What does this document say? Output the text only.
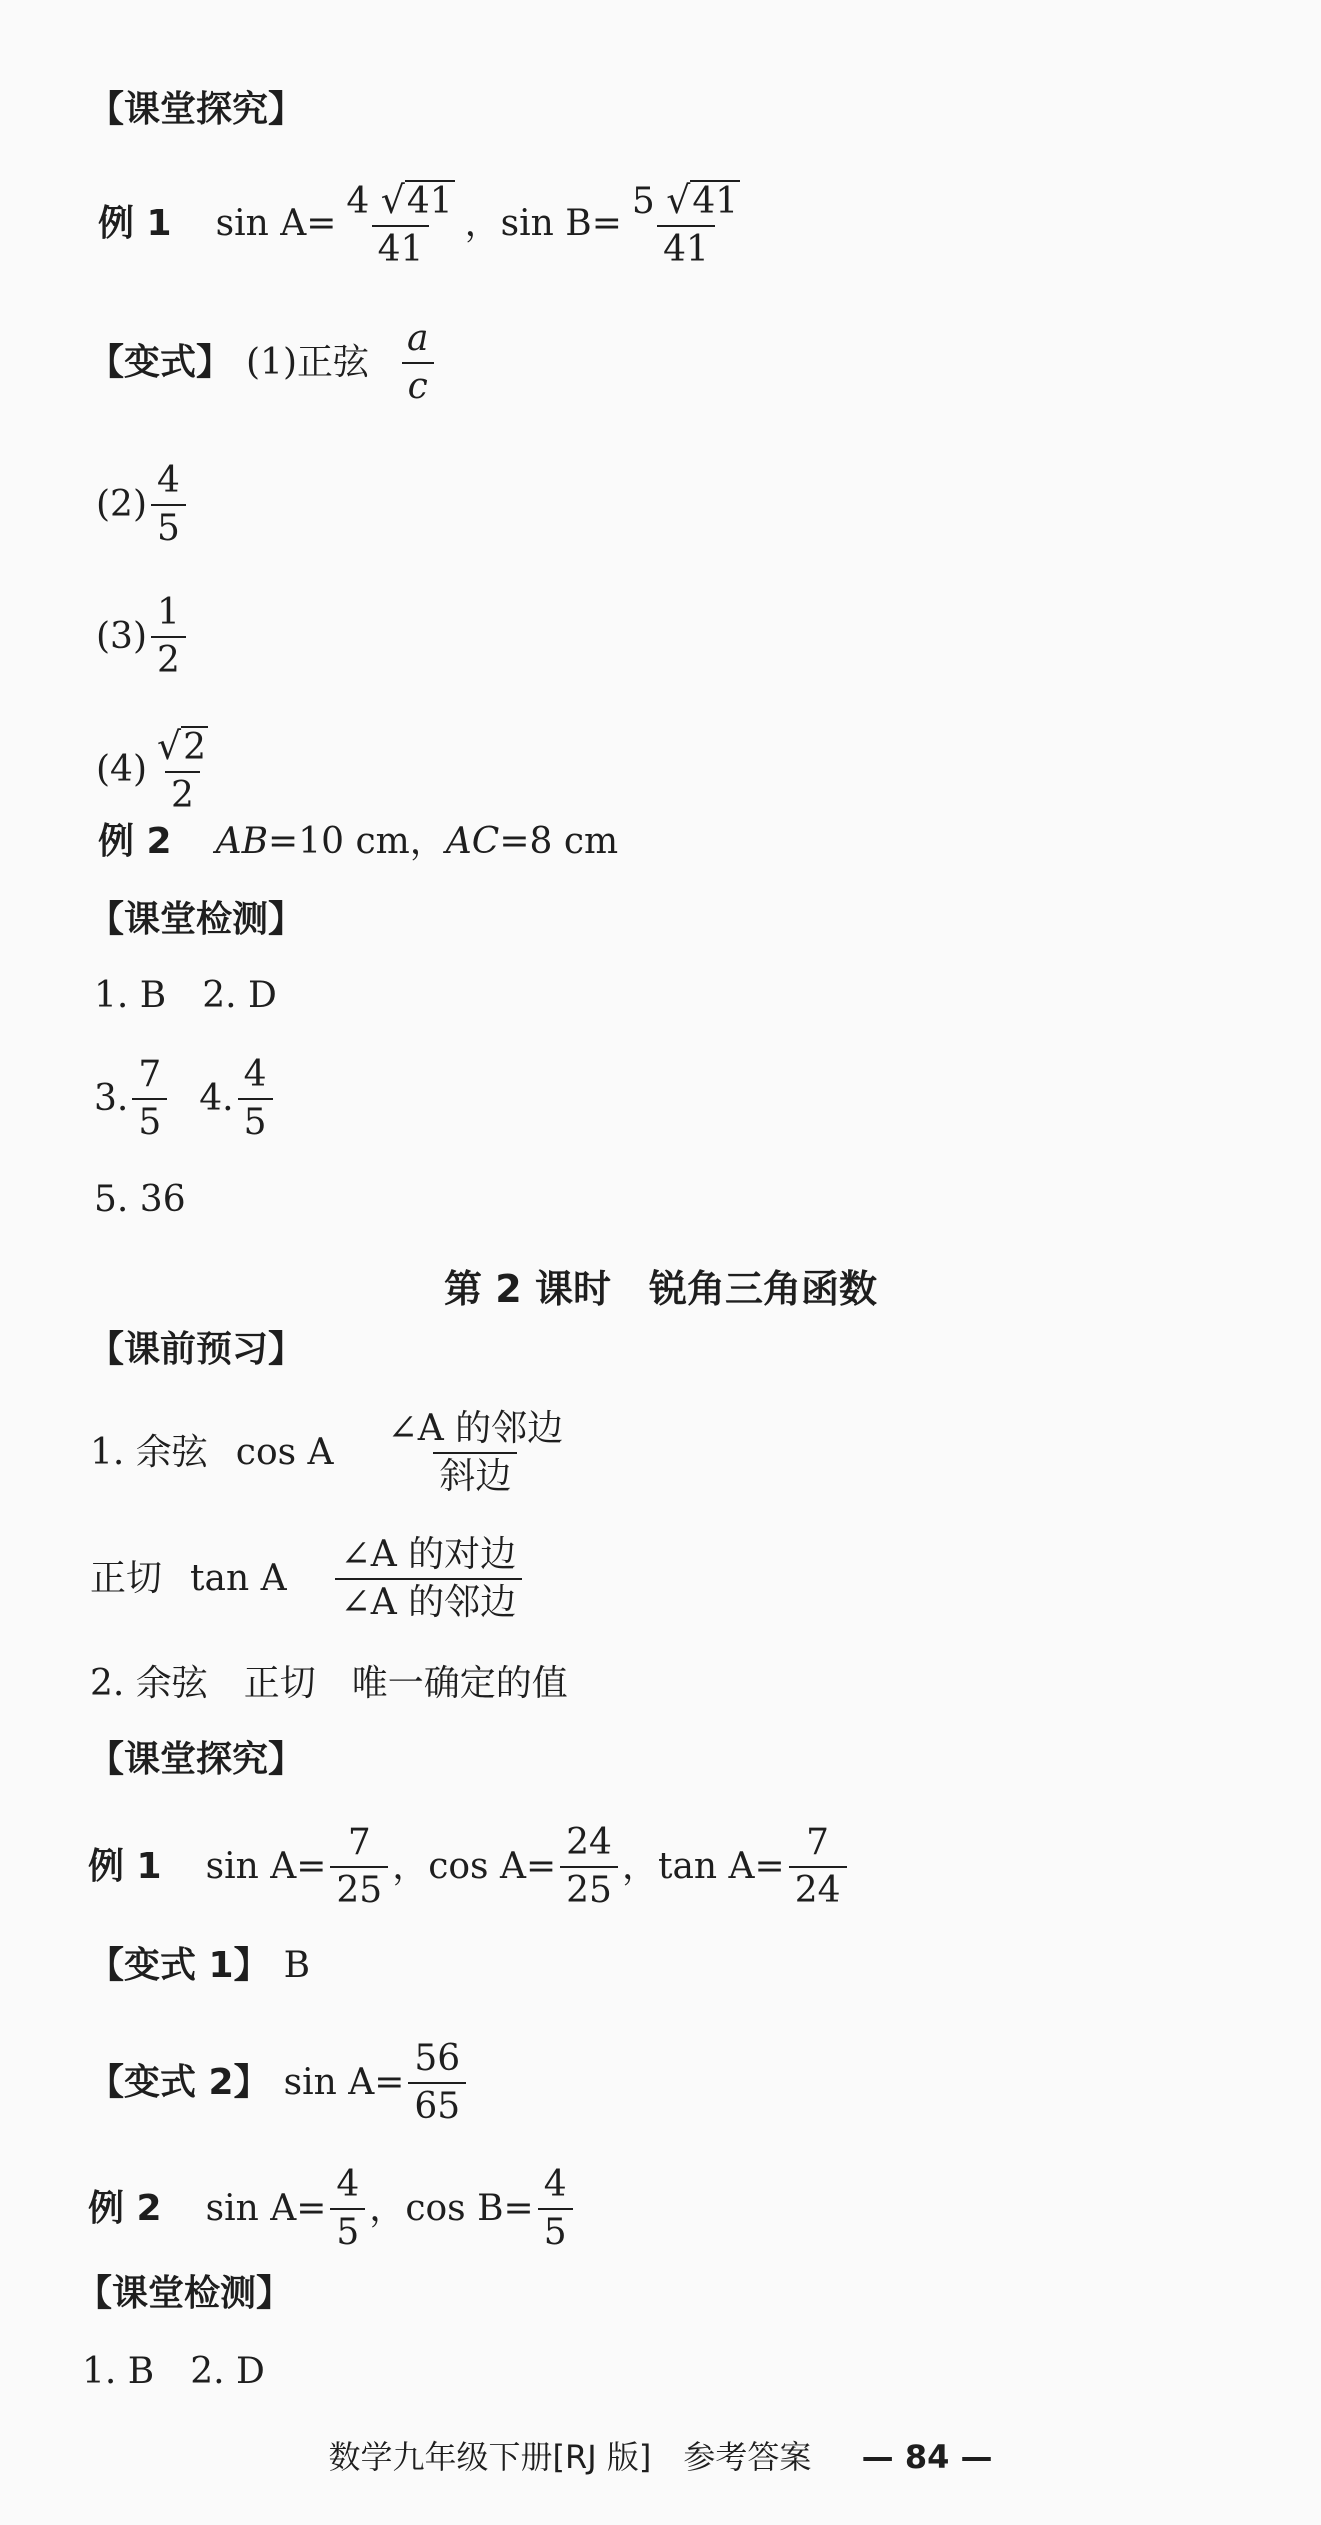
【课堂探究】
例 1 $\sin A = \frac{4 √ 41}{41}$ ， $\sin B = \frac{5 √ 41}{41}$
【变式】 (1)正弦 $\frac{a}{c}$
$(2) \frac{4}{5}$
$(3) \frac{1}{2}$
$(4) \frac{√ 2}{2}$
例 2 AB =10 cm， AC =8 cm
【课堂检测】
1. B　2. D
3. $\frac{7}{5} 4$. $\frac{4}{5}$
5. 36
第 2 课时　锐角三角函数
【课前预习】
1. 余弦 cos A $\frac{\text{∠A 的邻边}}{\text{斜边}}$
正切 tan A $\frac{\text{∠A 的对边}}{\text{∠A 的邻边}}$
2. 余弦　正切　唯一确定的值
【课堂探究】
例 1 $\sin A = \frac{7}{25}$ ， $\cos A = \frac{24}{25}$ ， $\tan A = \frac{7}{24}$
【变式 1】 B
【变式 2】 $\sin A = \frac{56}{65}$
例 2 $\sin A = \frac{4}{5}$ ， $\cos B = \frac{4}{5}$
【课堂检测】
1. B　2. D
数学九年级下册[RJ 版]　参考答案 — 84 —
